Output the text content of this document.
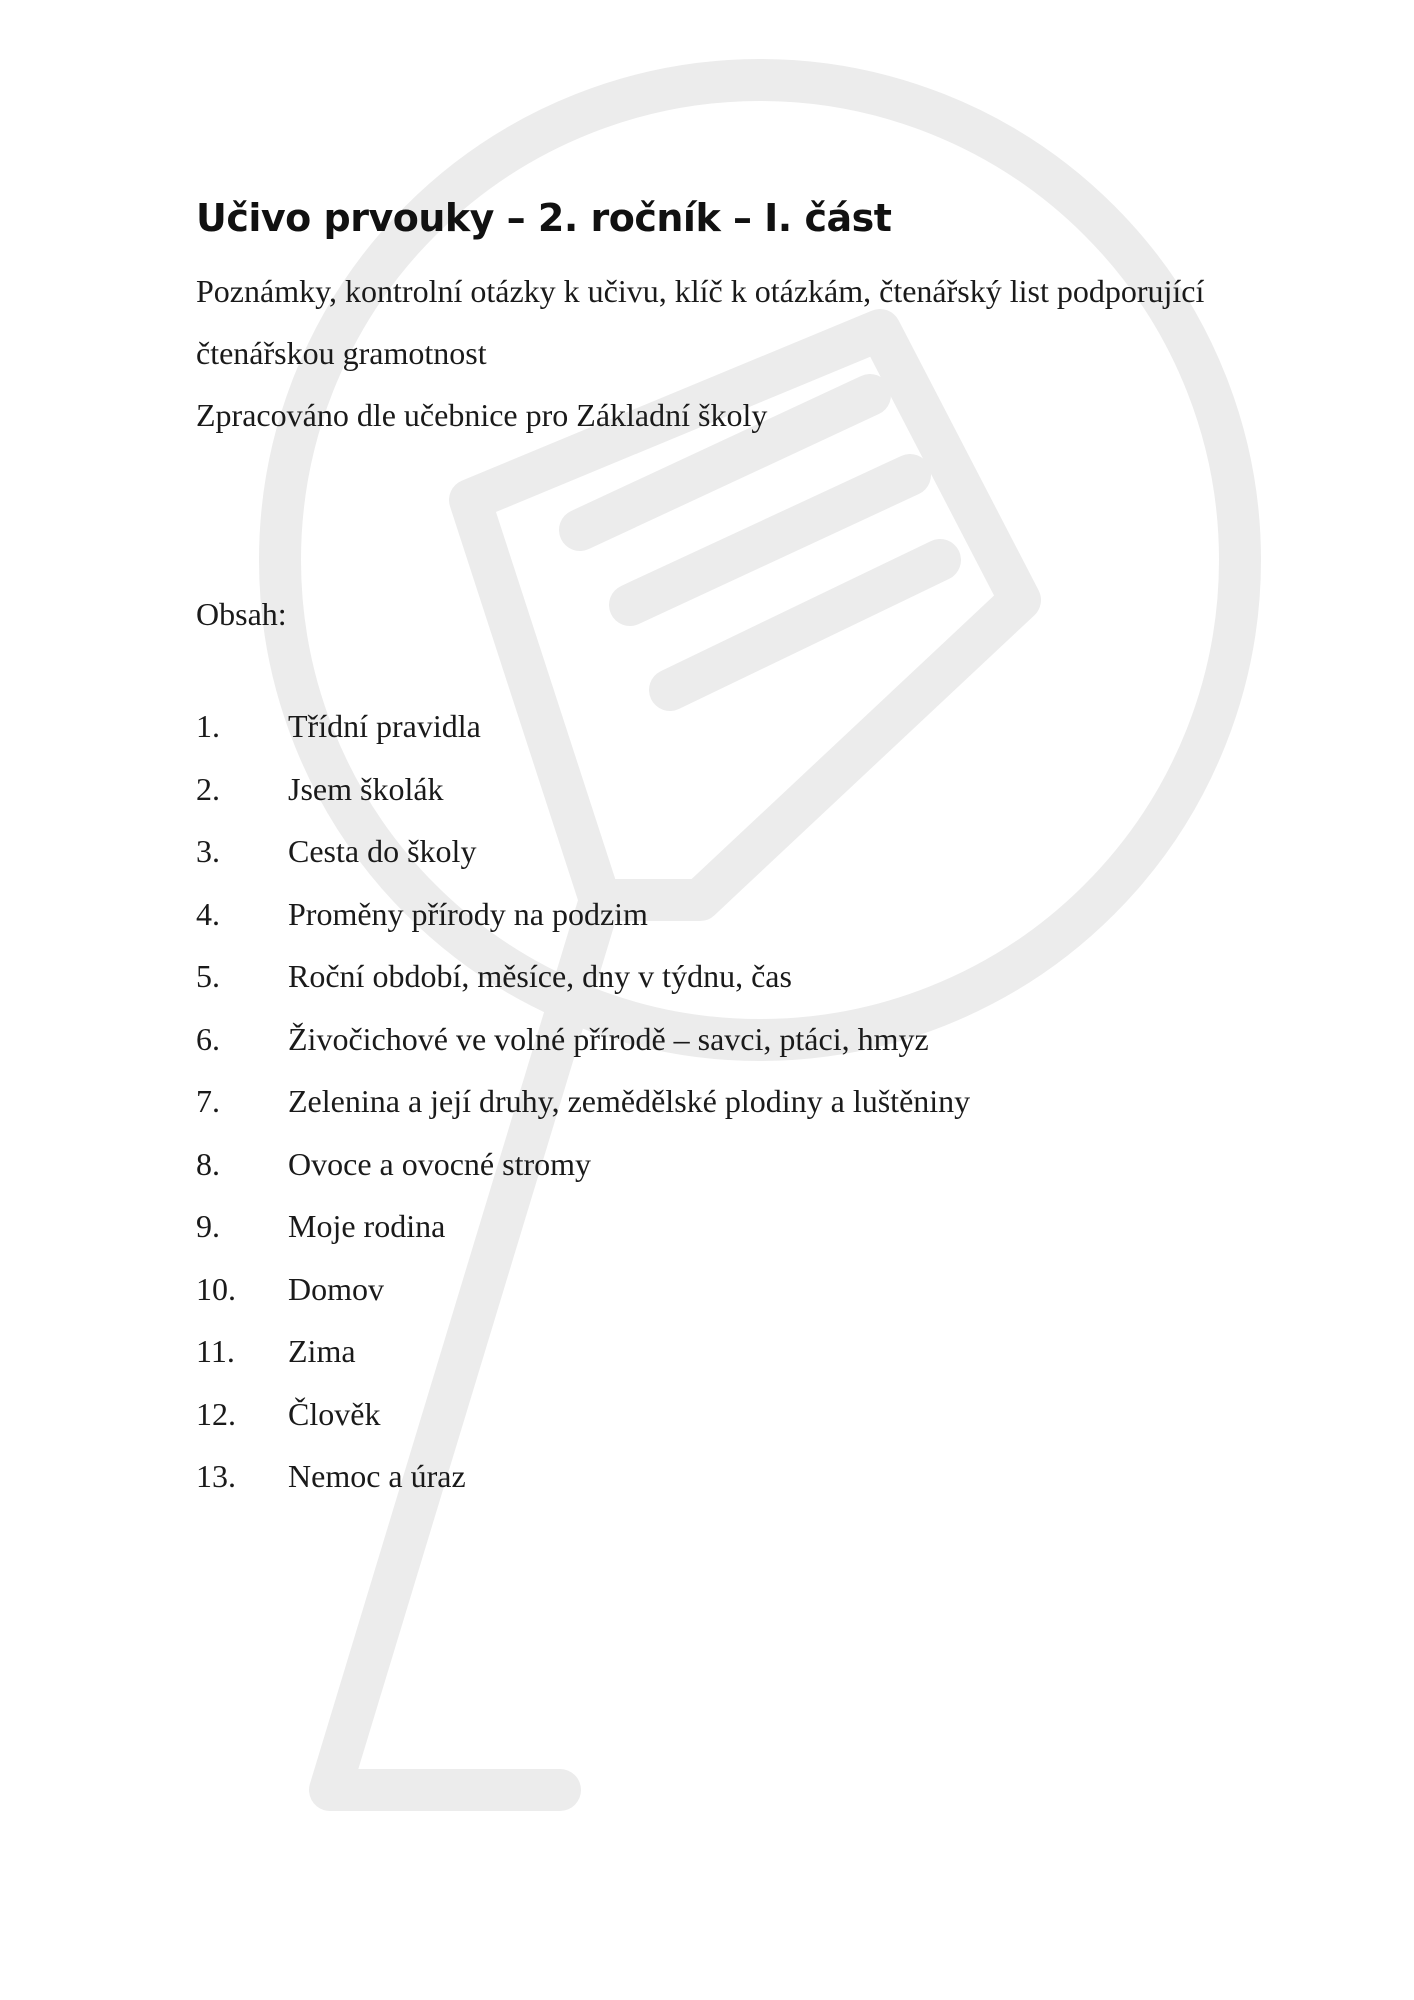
Učivo prvouky – 2. ročník – I. část

Poznámky, kontrolní otázky k učivu, klíč k otázkám, čtenářský list podporující

čtenářskou gramotnost

Zpracováno dle učebnice pro Základní školy

Obsah:

1.	Třídní pravidla
2.	Jsem školák
3.	Cesta do školy
4.	Proměny přírody na podzim
5.	Roční období, měsíce, dny v týdnu, čas
6.	Živočichové ve volné přírodě – savci, ptáci, hmyz
7.	Zelenina a její druhy, zemědělské plodiny a luštěniny
8.	Ovoce a ovocné stromy
9.	Moje rodina
10.	Domov
11.	Zima
12.	Člověk
13.	Nemoc a úraz
